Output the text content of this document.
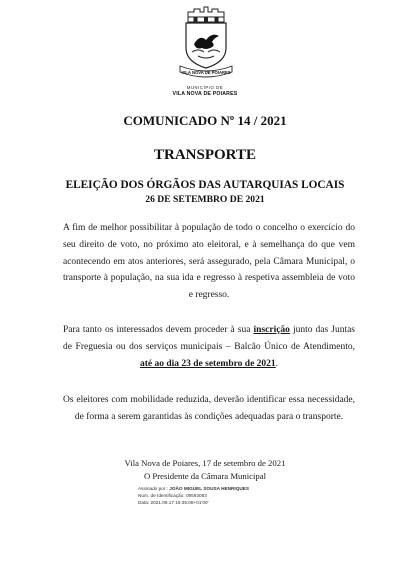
VILA NOVA DE POIARES
MUNICÍPIO DE
VILA NOVA DE POIARES
COMUNICADO Nº 14 / 2021
TRANSPORTE
ELEIÇÃO DOS ÓRGÃOS DAS AUTARQUIAS LOCAIS
26 DE SETEMBRO DE 2021
A fim de melhor possibilitar à população de todo o concelho o exercício do seu direito de voto, no próximo ato eleitoral, e à semelhança do que vem acontecendo em atos anteriores, será assegurado, pela Câmara Municipal, o transporte à população, na sua ida e regresso à respetiva assembleia de voto e regresso.
Para tanto os interessados devem proceder à sua inscrição junto das Juntas de Freguesia ou dos serviços municipais – Balcão Único de Atendimento, até ao dia 23 de setembro de 2021.
Os eleitores com mobilidade reduzida, deverão identificar essa necessidade, de forma a serem garantidas às condições adequadas para o transporte.
Vila Nova de Poiares, 17 de setembro de 2021
O Presidente da Câmara Municipal
Assinado por : JOÃO MIGUEL SOUSA HENRIQUES
Num. de Identificação: 09593083
Data: 2021.09.17 16:35:08+01'00'
